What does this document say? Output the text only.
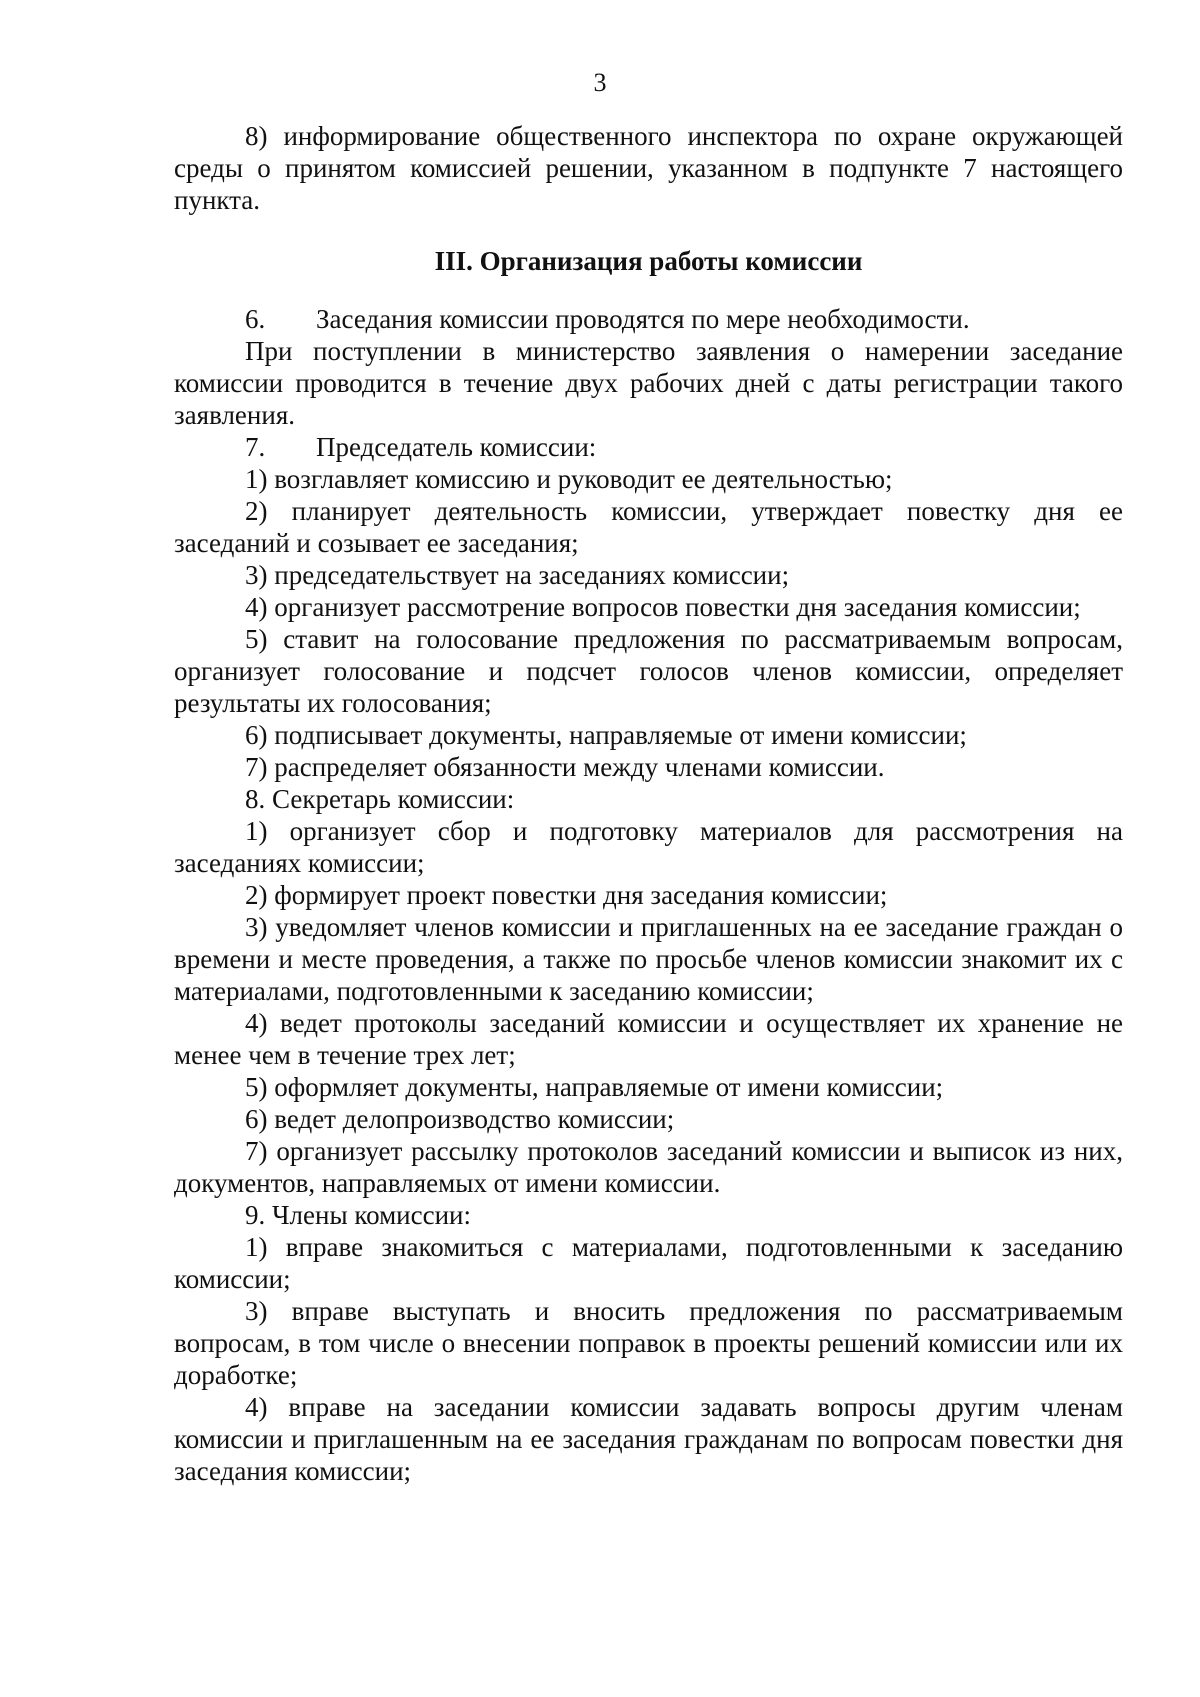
3

8) информирование общественного инспектора по охране окружающей среды о принятом комиссией решении, указанном в подпункте 7 настоящего пункта.

III. Организация работы комиссии

6. Заседания комиссии проводятся по мере необходимости.

При поступлении в министерство заявления о намерении заседание комиссии проводится в течение двух рабочих дней с даты регистрации такого заявления.

7. Председатель комиссии:

1) возглавляет комиссию и руководит ее деятельностью;

2) планирует деятельность комиссии, утверждает повестку дня ее заседаний и созывает ее заседания;

3) председательствует на заседаниях комиссии;

4) организует рассмотрение вопросов повестки дня заседания комиссии;

5) ставит на голосование предложения по рассматриваемым вопросам, организует голосование и подсчет голосов членов комиссии, определяет результаты их голосования;

6) подписывает документы, направляемые от имени комиссии;

7) распределяет обязанности между членами комиссии.

8. Секретарь комиссии:

1) организует сбор и подготовку материалов для рассмотрения на заседаниях комиссии;

2) формирует проект повестки дня заседания комиссии;

3) уведомляет членов комиссии и приглашенных на ее заседание граждан о времени и месте проведения, а также по просьбе членов комиссии знакомит их с материалами, подготовленными к заседанию комиссии;

4) ведет протоколы заседаний комиссии и осуществляет их хранение не менее чем в течение трех лет;

5) оформляет документы, направляемые от имени комиссии;

6) ведет делопроизводство комиссии;

7) организует рассылку протоколов заседаний комиссии и выписок из них, документов, направляемых от имени комиссии.

9. Члены комиссии:

1) вправе знакомиться с материалами, подготовленными к заседанию комиссии;

3) вправе выступать и вносить предложения по рассматриваемым вопросам, в том числе о внесении поправок в проекты решений комиссии или их доработке;

4) вправе на заседании комиссии задавать вопросы другим членам комиссии и приглашенным на ее заседания гражданам по вопросам повестки дня заседания комиссии;
